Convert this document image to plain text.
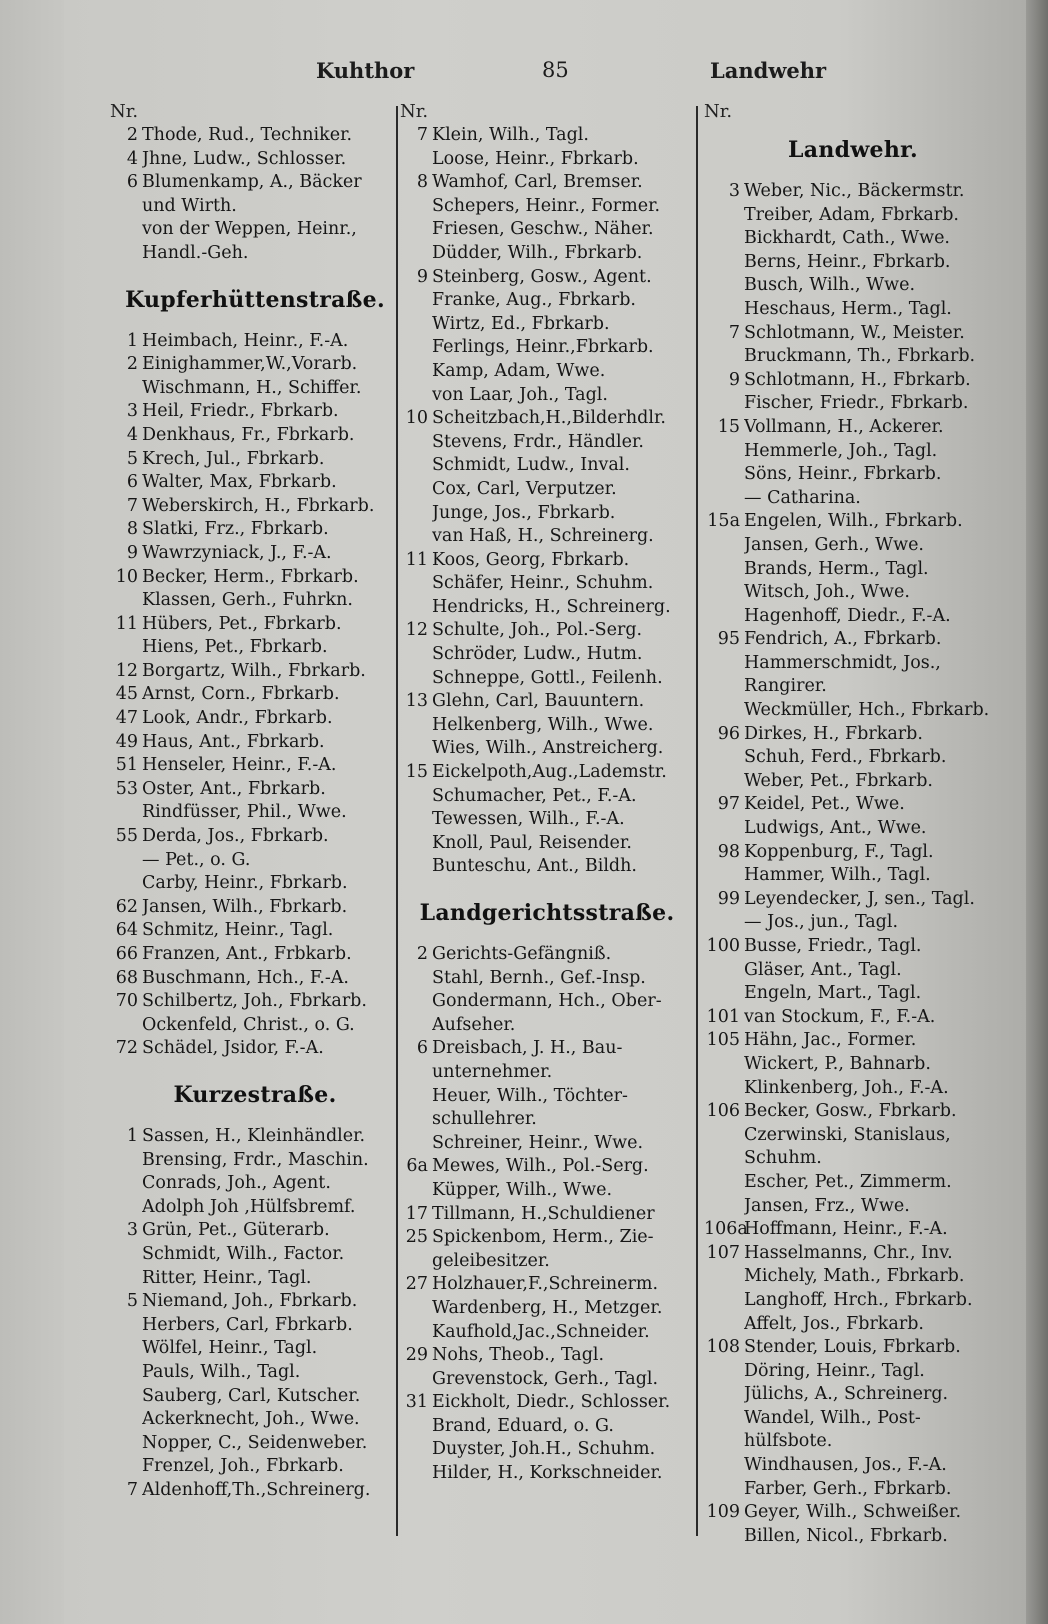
Kuhthor	85	Landwehr
Nr.
2 Thode, Rud., Techniker.
4 Jhne, Ludw., Schlosser.
6 Blumenkamp, A., Bäcker
und Wirth.
von der Weppen, Heinr.,
Handl.-Geh.
Kupferhüttenstraße.
1 Heimbach, Heinr., F.-A.
2 Einighammer,W.,Vorarb.
Wischmann, H., Schiffer.
3 Heil, Friedr., Fbrkarb.
4 Denkhaus, Fr., Fbrkarb.
5 Krech, Jul., Fbrkarb.
6 Walter, Max, Fbrkarb.
7 Weberskirch, H., Fbrkarb.
8 Slatki, Frz., Fbrkarb.
9 Wawrzyniack, J., F.-A.
10 Becker, Herm., Fbrkarb.
Klassen, Gerh., Fuhrkn.
11 Hübers, Pet., Fbrkarb.
Hiens, Pet., Fbrkarb.
12 Borgartz, Wilh., Fbrkarb.
45 Arnst, Corn., Fbrkarb.
47 Look, Andr., Fbrkarb.
49 Haus, Ant., Fbrkarb.
51 Henseler, Heinr., F.-A.
53 Oster, Ant., Fbrkarb.
Rindfüsser, Phil., Wwe.
55 Derda, Jos., Fbrkarb.
— Pet., o. G.
Carby, Heinr., Fbrkarb.
62 Jansen, Wilh., Fbrkarb.
64 Schmitz, Heinr., Tagl.
66 Franzen, Ant., Frbkarb.
68 Buschmann, Hch., F.-A.
70 Schilbertz, Joh., Fbrkarb.
Ockenfeld, Christ., o. G.
72 Schädel, Jsidor, F.-A.
Kurzestraße.
1 Sassen, H., Kleinhändler.
Brensing, Frdr., Maschin.
Conrads, Joh., Agent.
Adolph Joh ,Hülfsbremf.
3 Grün, Pet., Güterarb.
Schmidt, Wilh., Factor.
Ritter, Heinr., Tagl.
5 Niemand, Joh., Fbrkarb.
Herbers, Carl, Fbrkarb.
Wölfel, Heinr., Tagl.
Pauls, Wilh., Tagl.
Sauberg, Carl, Kutscher.
Ackerknecht, Joh., Wwe.
Nopper, C., Seidenweber.
Frenzel, Joh., Fbrkarb.
7 Aldenhoff,Th.,Schreinerg.
Nr.
7 Klein, Wilh., Tagl.
Loose, Heinr., Fbrkarb.
8 Wamhof, Carl, Bremser.
Schepers, Heinr., Former.
Friesen, Geschw., Näher.
Düdder, Wilh., Fbrkarb.
9 Steinberg, Gosw., Agent.
Franke, Aug., Fbrkarb.
Wirtz, Ed., Fbrkarb.
Ferlings, Heinr.,Fbrkarb.
Kamp, Adam, Wwe.
von Laar, Joh., Tagl.
10 Scheitzbach,H.,Bilderhdlr.
Stevens, Frdr., Händler.
Schmidt, Ludw., Inval.
Cox, Carl, Verputzer.
Junge, Jos., Fbrkarb.
van Haß, H., Schreinerg.
11 Koos, Georg, Fbrkarb.
Schäfer, Heinr., Schuhm.
Hendricks, H., Schreinerg.
12 Schulte, Joh., Pol.-Serg.
Schröder, Ludw., Hutm.
Schneppe, Gottl., Feilenh.
13 Glehn, Carl, Bauuntern.
Helkenberg, Wilh., Wwe.
Wies, Wilh., Anstreicherg.
15 Eickelpoth,Aug.,Lademstr.
Schumacher, Pet., F.-A.
Tewessen, Wilh., F.-A.
Knoll, Paul, Reisender.
Bunteschu, Ant., Bildh.
Landgerichtsstraße.
2 Gerichts-Gefängniß.
Stahl, Bernh., Gef.-Insp.
Gondermann, Hch., Ober-
Aufseher.
6 Dreisbach, J. H., Bau-
unternehmer.
Heuer, Wilh., Töchter-
schullehrer.
Schreiner, Heinr., Wwe.
6a Mewes, Wilh., Pol.-Serg.
Küpper, Wilh., Wwe.
17 Tillmann, H.,Schuldiener
25 Spickenbom, Herm., Zie-
geleibesitzer.
27 Holzhauer,F.,Schreinerm.
Wardenberg, H., Metzger.
Kaufhold,Jac.,Schneider.
29 Nohs, Theob., Tagl.
Grevenstock, Gerh., Tagl.
31 Eickholt, Diedr., Schlosser.
Brand, Eduard, o. G.
Duyster, Joh.H., Schuhm.
Hilder, H., Korkschneider.
Nr.
Landwehr.
3 Weber, Nic., Bäckermstr.
Treiber, Adam, Fbrkarb.
Bickhardt, Cath., Wwe.
Berns, Heinr., Fbrkarb.
Busch, Wilh., Wwe.
Heschaus, Herm., Tagl.
7 Schlotmann, W., Meister.
Bruckmann, Th., Fbrkarb.
9 Schlotmann, H., Fbrkarb.
Fischer, Friedr., Fbrkarb.
15 Vollmann, H., Ackerer.
Hemmerle, Joh., Tagl.
Söns, Heinr., Fbrkarb.
— Catharina.
15a Engelen, Wilh., Fbrkarb.
Jansen, Gerh., Wwe.
Brands, Herm., Tagl.
Witsch, Joh., Wwe.
Hagenhoff, Diedr., F.-A.
95 Fendrich, A., Fbrkarb.
Hammerschmidt, Jos.,
Rangirer.
Weckmüller, Hch., Fbrkarb.
96 Dirkes, H., Fbrkarb.
Schuh, Ferd., Fbrkarb.
Weber, Pet., Fbrkarb.
97 Keidel, Pet., Wwe.
Ludwigs, Ant., Wwe.
98 Koppenburg, F., Tagl.
Hammer, Wilh., Tagl.
99 Leyendecker, J, sen., Tagl.
— Jos., jun., Tagl.
100 Busse, Friedr., Tagl.
Gläser, Ant., Tagl.
Engeln, Mart., Tagl.
101 van Stockum, F., F.-A.
105 Hähn, Jac., Former.
Wickert, P., Bahnarb.
Klinkenberg, Joh., F.-A.
106 Becker, Gosw., Fbrkarb.
Czerwinski, Stanislaus,
Schuhm.
Escher, Pet., Zimmerm.
Jansen, Frz., Wwe.
106a
Hoffmann, Heinr., F.-A.
107 Hasselmanns, Chr., Inv.
Michely, Math., Fbrkarb.
Langhoff, Hrch., Fbrkarb.
Affelt, Jos., Fbrkarb.
108 Stender, Louis, Fbrkarb.
Döring, Heinr., Tagl.
Jülichs, A., Schreinerg.
Wandel, Wilh., Post-
hülfsbote.
Windhausen, Jos., F.-A.
Farber, Gerh., Fbrkarb.
109 Geyer, Wilh., Schweißer.
Billen, Nicol., Fbrkarb.
